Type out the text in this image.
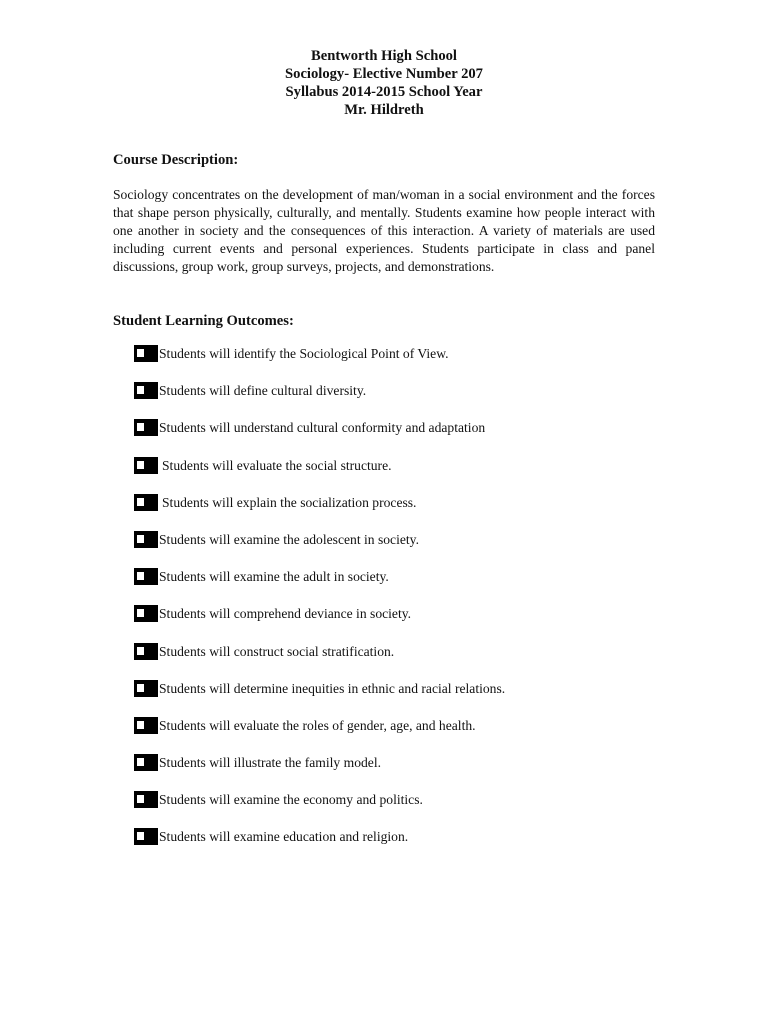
Bentworth High School
Sociology- Elective Number 207
Syllabus 2014-2015 School Year
Mr. Hildreth
Course Description:

Sociology concentrates on the development of man/woman in a social environment and the forces that shape person physically, culturally, and mentally. Students examine how people interact with one another in society and the consequences of this interaction. A variety of materials are used including current events and personal experiences. Students participate in class and panel discussions, group work, group surveys, projects, and demonstrations.

Student Learning Outcomes:
Students will identify the Sociological Point of View.
Students will define cultural diversity.
Students will understand cultural conformity and adaptation
Students will evaluate the social structure.
Students will explain the socialization process.
Students will examine the adolescent in society.
Students will examine the adult in society.
Students will comprehend deviance in society.
Students will construct social stratification.
Students will determine inequities in ethnic and racial relations.
Students will evaluate the roles of gender, age, and health.
Students will illustrate the family model.
Students will examine the economy and politics.
Students will examine education and religion.
